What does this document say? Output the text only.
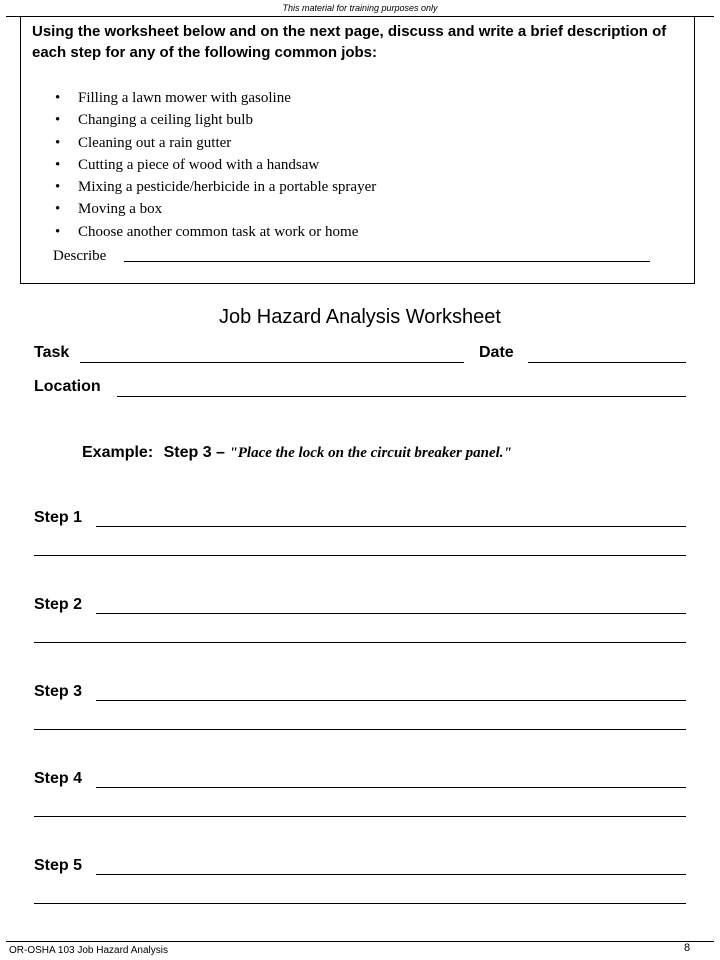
This material for training purposes only
Using the worksheet below and on the next page, discuss and write a brief description of each step for any of the following common jobs:
• Filling a lawn mower with gasoline
• Changing a ceiling light bulb
• Cleaning out a rain gutter
• Cutting a piece of wood with a handsaw
• Mixing a pesticide/herbicide in a portable sprayer
• Moving a box
• Choose another common task at work or home
Describe
Job Hazard Analysis Worksheet
Task	Date
Location
Example: Step 3 – "Place the lock on the circuit breaker panel."
Step 1
Step 2
Step 3
Step 4
Step 5
OR-OSHA 103 Job Hazard Analysis	8
